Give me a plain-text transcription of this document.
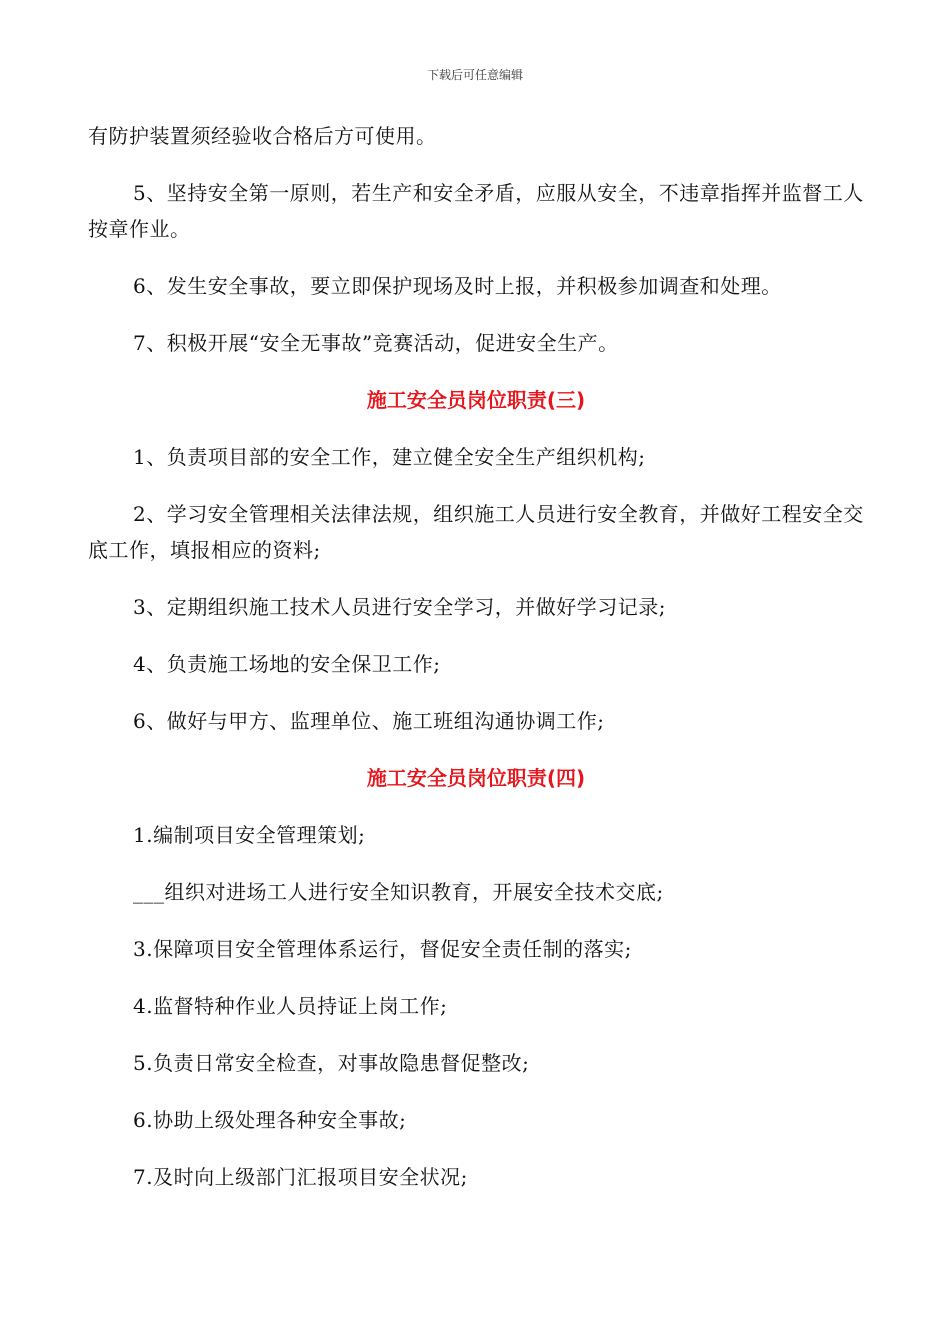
下载后可任意编辑

有防护装置须经验收合格后方可使用。

5、坚持安全第一原则，若生产和安全矛盾，应服从安全，不违章指挥并监督工人按章作业。

6、发生安全事故，要立即保护现场及时上报，并积极参加调查和处理。

7、积极开展“安全无事故”竞赛活动，促进安全生产。

施工安全员岗位职责(三)

1、负责项目部的安全工作，建立健全安全生产组织机构;

2、学习安全管理相关法律法规，组织施工人员进行安全教育，并做好工程安全交底工作，填报相应的资料;

3、定期组织施工技术人员进行安全学习，并做好学习记录;

4、负责施工场地的安全保卫工作;

6、做好与甲方、监理单位、施工班组沟通协调工作;

施工安全员岗位职责(四)

1.编制项目安全管理策划;

___组织对进场工人进行安全知识教育，开展安全技术交底;

3.保障项目安全管理体系运行，督促安全责任制的落实;

4.监督特种作业人员持证上岗工作;

5.负责日常安全检查，对事故隐患督促整改;

6.协助上级处理各种安全事故;

7.及时向上级部门汇报项目安全状况;
